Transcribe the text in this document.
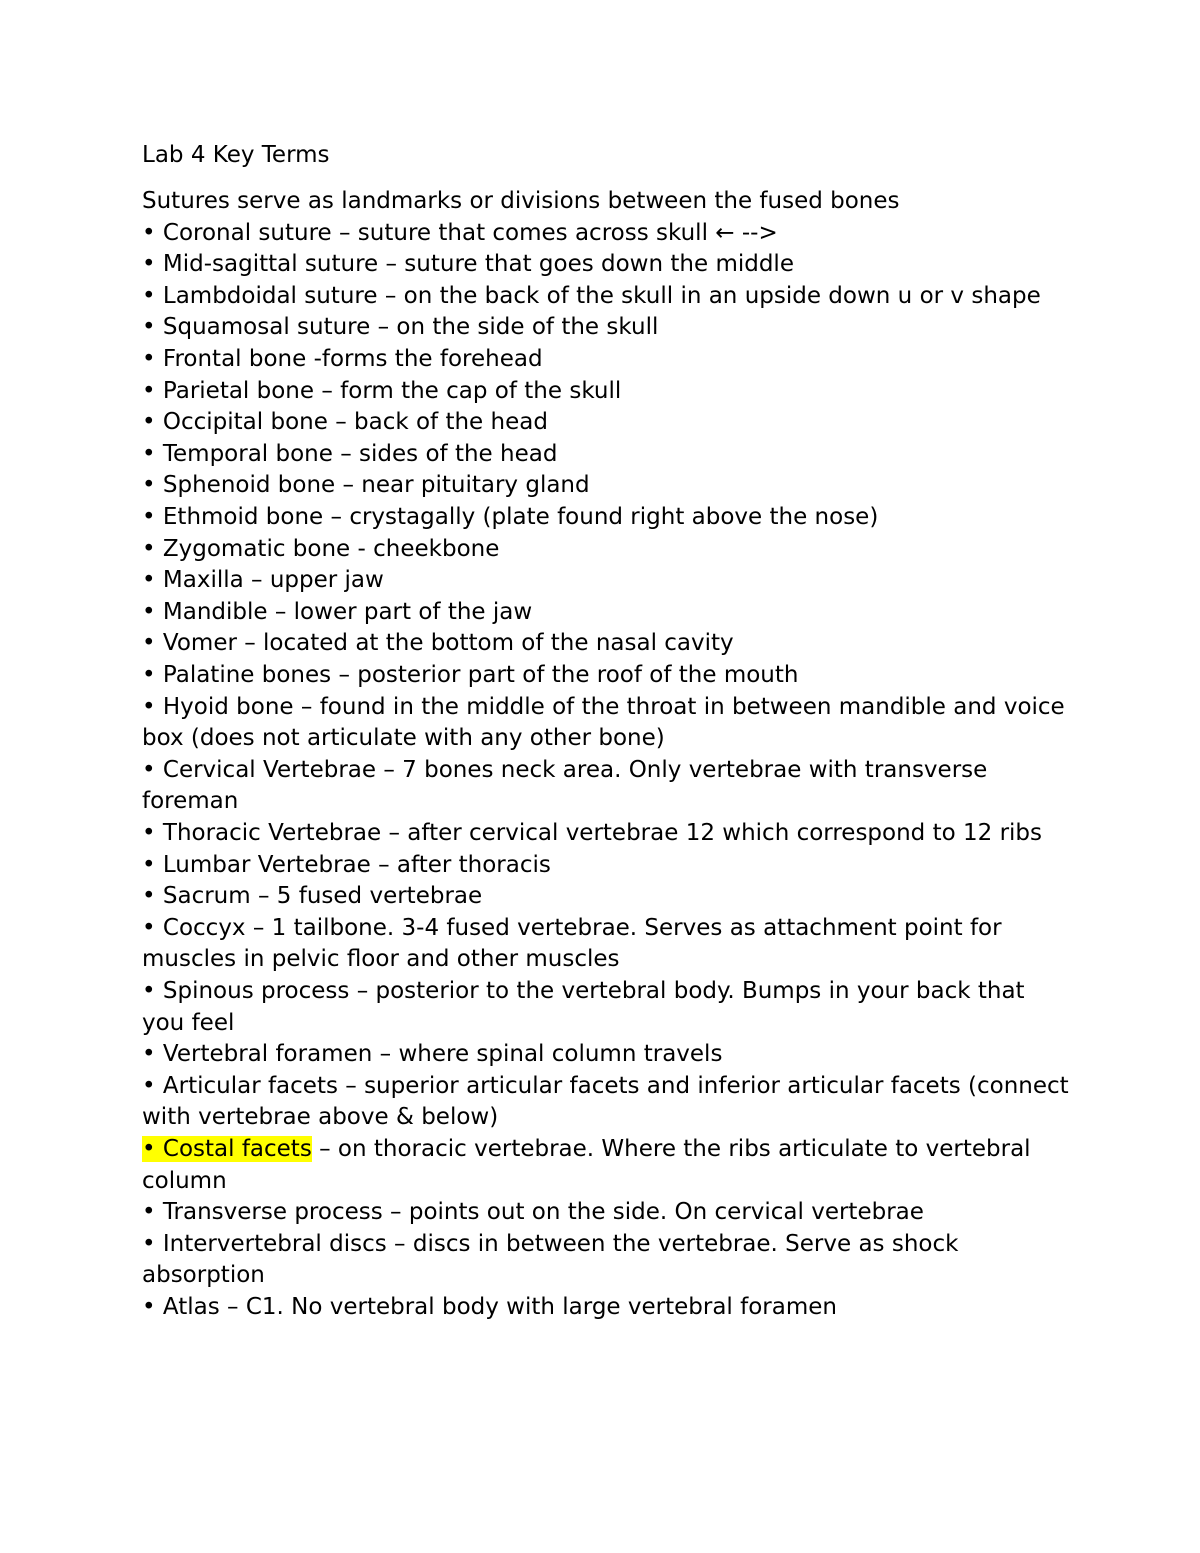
Lab 4 Key Terms
Sutures serve as landmarks or divisions between the fused bones
• Coronal suture – suture that comes across skull ← -->
• Mid-sagittal suture – suture that goes down the middle
• Lambdoidal suture – on the back of the skull in an upside down u or v shape
• Squamosal suture – on the side of the skull
• Frontal bone -forms the forehead
• Parietal bone – form the cap of the skull
• Occipital bone – back of the head
• Temporal bone – sides of the head
• Sphenoid bone – near pituitary gland
• Ethmoid bone – crystagally (plate found right above the nose)
• Zygomatic bone - cheekbone
• Maxilla – upper jaw
• Mandible – lower part of the jaw
• Vomer – located at the bottom of the nasal cavity
• Palatine bones – posterior part of the roof of the mouth
• Hyoid bone – found in the middle of the throat in between mandible and voice box (does not articulate with any other bone)
• Cervical Vertebrae – 7 bones neck area. Only vertebrae with transverse foreman
• Thoracic Vertebrae – after cervical vertebrae 12 which correspond to 12 ribs
• Lumbar Vertebrae – after thoracis
• Sacrum – 5 fused vertebrae
• Coccyx – 1 tailbone. 3-4 fused vertebrae. Serves as attachment point for muscles in pelvic floor and other muscles
• Spinous process – posterior to the vertebral body. Bumps in your back that you feel
• Vertebral foramen – where spinal column travels
• Articular facets – superior articular facets and inferior articular facets (connect with vertebrae above & below)
• Costal facets – on thoracic vertebrae. Where the ribs articulate to vertebral column
• Transverse process – points out on the side. On cervical vertebrae
• Intervertebral discs – discs in between the vertebrae. Serve as shock absorption
• Atlas – C1. No vertebral body with large vertebral foramen
